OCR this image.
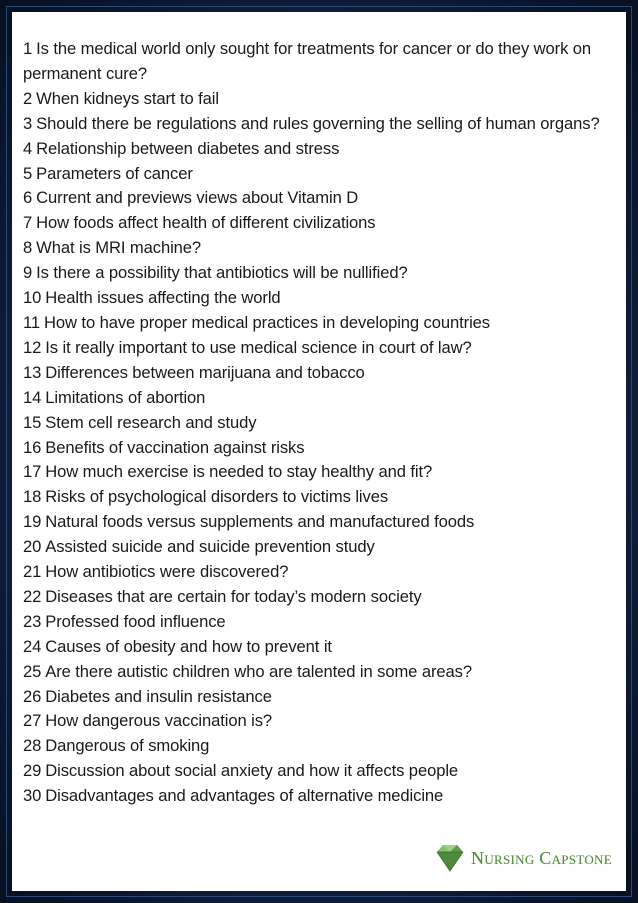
1 Is the medical world only sought for treatments for cancer or do they work on permanent cure?
2 When kidneys start to fail
3 Should there be regulations and rules governing the selling of human organs?
4 Relationship between diabetes and stress
5 Parameters of cancer
6 Current and previews views about Vitamin D
7 How foods affect health of different civilizations
8 What is MRI machine?
9 Is there a possibility that antibiotics will be nullified?
10 Health issues affecting the world
11 How to have proper medical practices in developing countries
12 Is it really important to use medical science in court of law?
13 Differences between marijuana and tobacco
14 Limitations of abortion
15 Stem cell research and study
16 Benefits of vaccination against risks
17 How much exercise is needed to stay healthy and fit?
18 Risks of psychological disorders to victims lives
19 Natural foods versus supplements and manufactured foods
20 Assisted suicide and suicide prevention study
21 How antibiotics were discovered?
22 Diseases that are certain for today’s modern society
23 Professed food influence
24 Causes of obesity and how to prevent it
25 Are there autistic children who are talented in some areas?
26 Diabetes and insulin resistance
27 How dangerous vaccination is?
28 Dangerous of smoking
29 Discussion about social anxiety and how it affects people
30 Disadvantages and advantages of alternative medicine
Nursing Capstone
